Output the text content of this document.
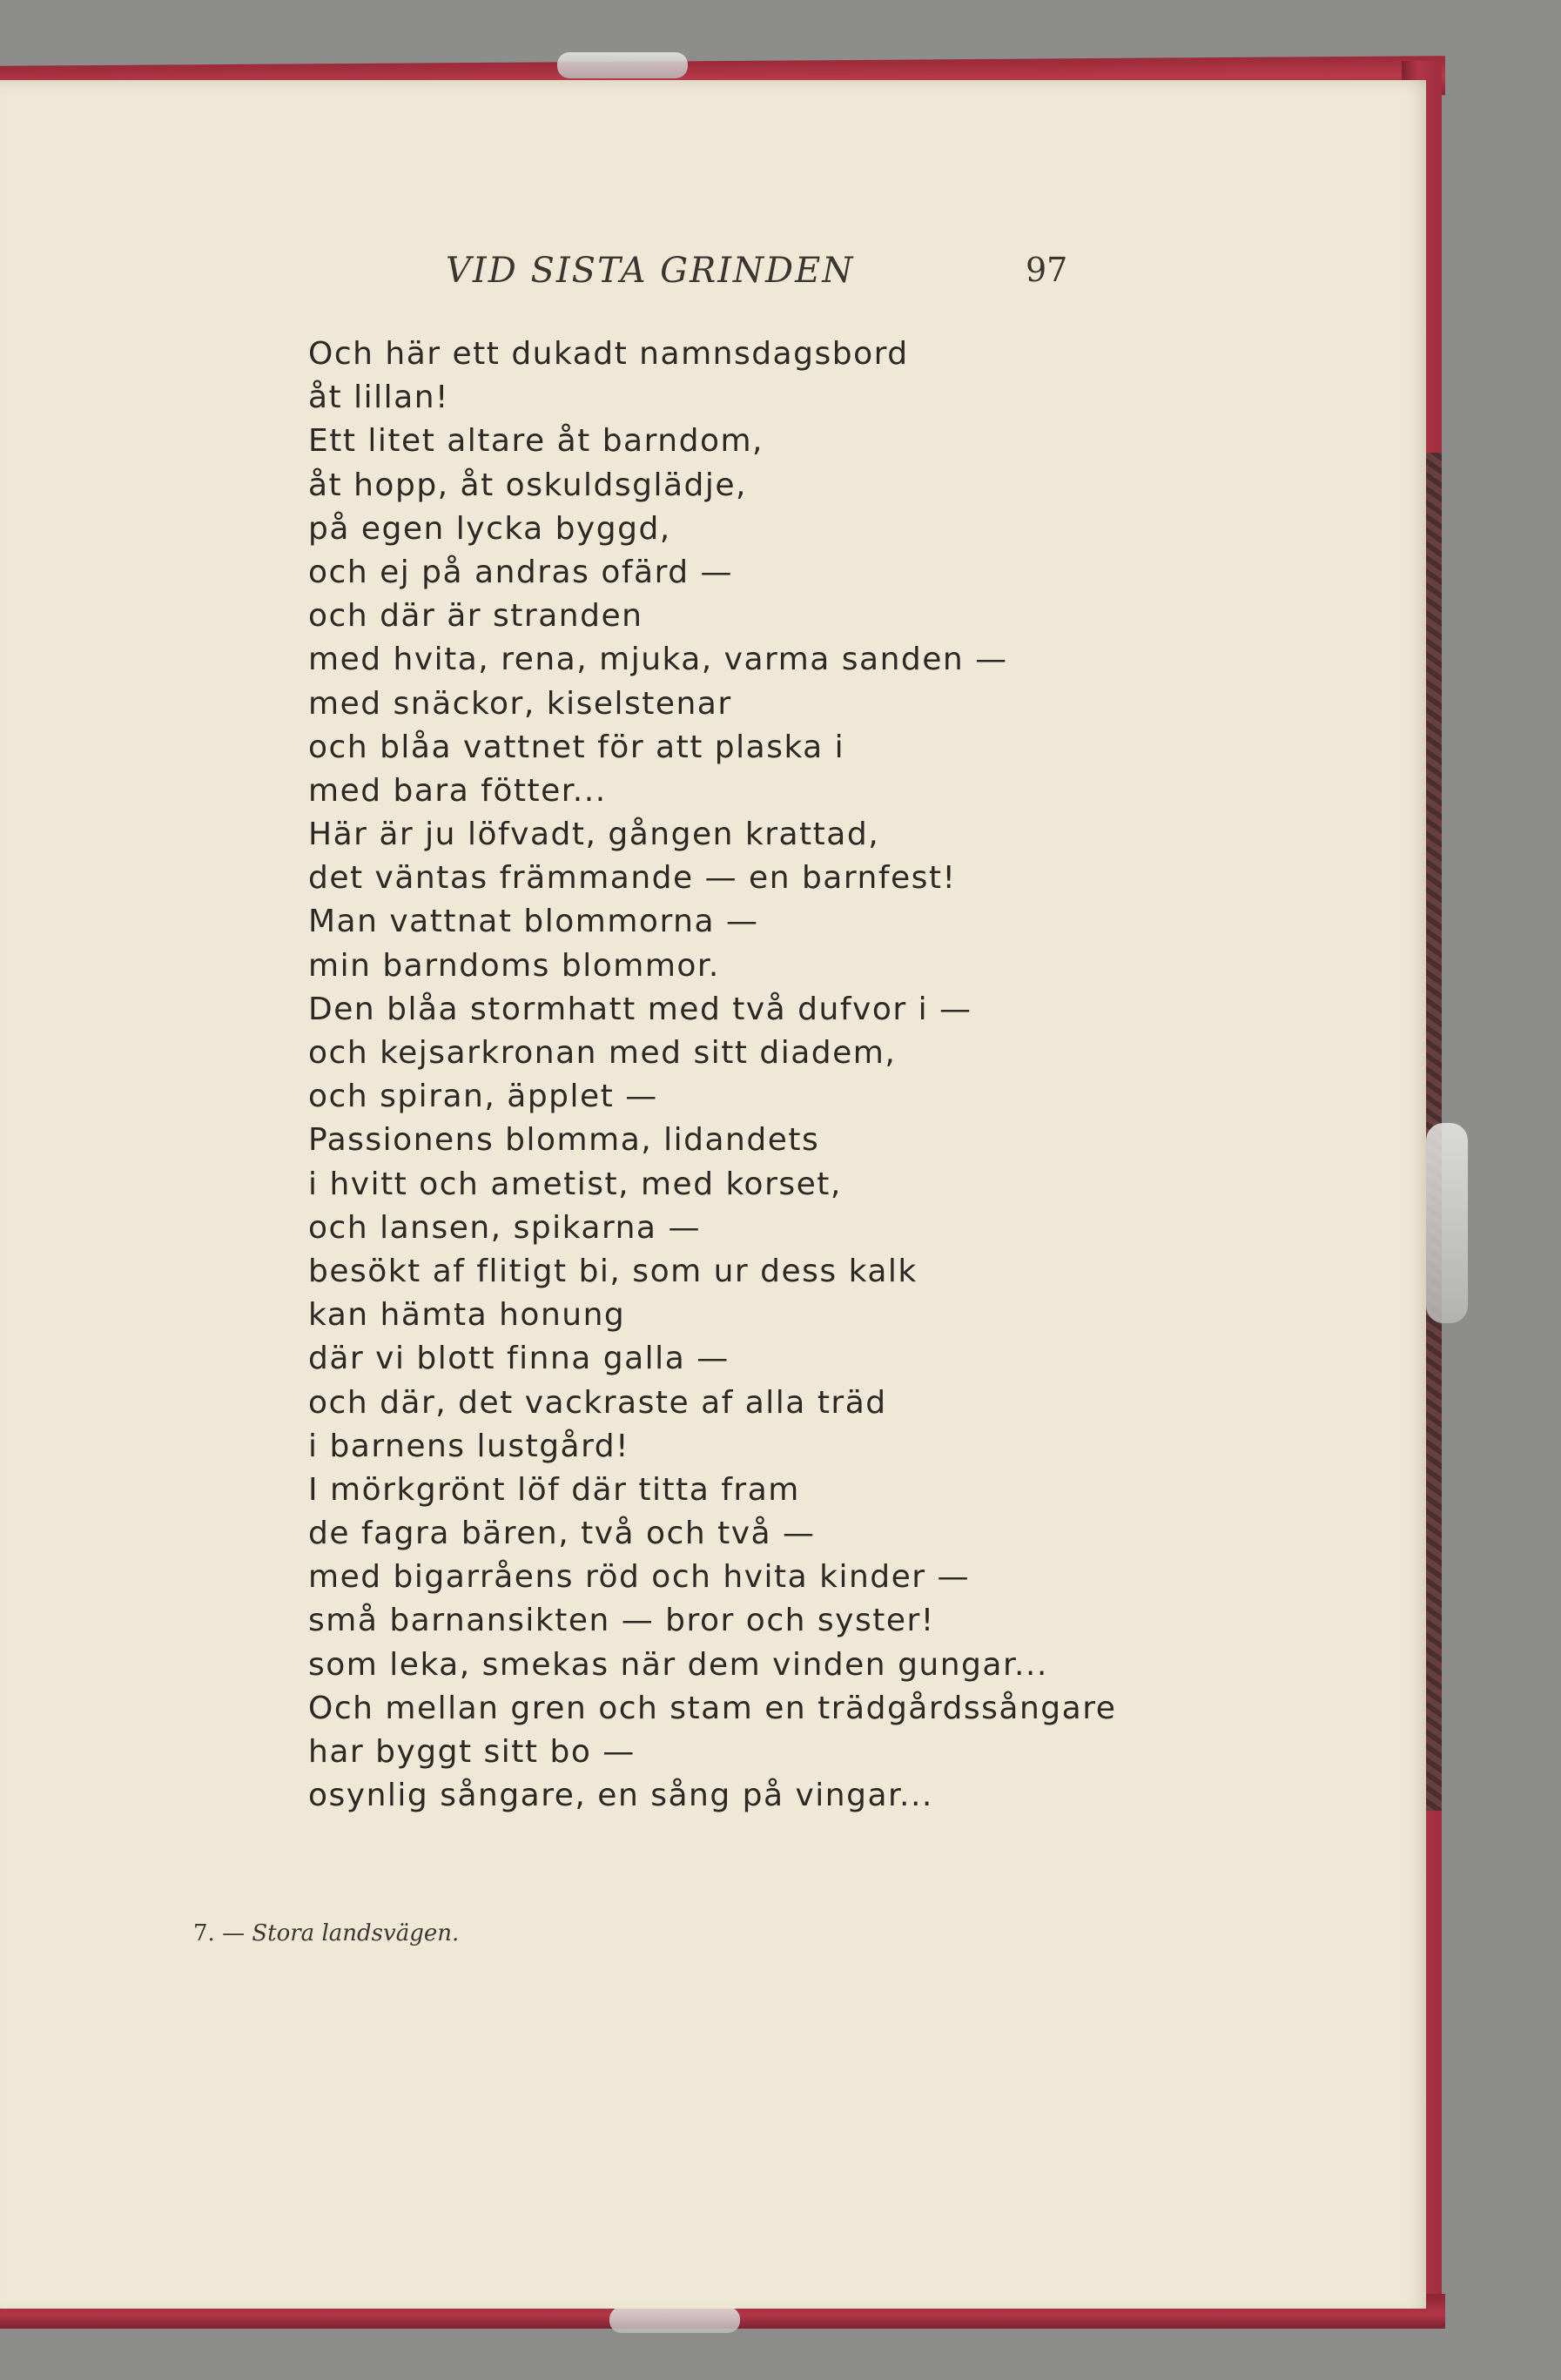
VID SISTA GRINDEN	97
Och här ett dukadt namnsdagsbord
åt lillan!
Ett litet altare åt barndom,
åt hopp, åt oskuldsglädje,
på egen lycka byggd,
och ej på andras ofärd —
och där är stranden
med hvita, rena, mjuka, varma sanden —
med snäckor, kiselstenar
och blåa vattnet för att plaska i
med bara fötter...
Här är ju löfvadt, gången krattad,
det väntas främmande — en barnfest!
Man vattnat blommorna —
min barndoms blommor.
Den blåa stormhatt med två dufvor i —
och kejsarkronan med sitt diadem,
och spiran, äpplet —
Passionens blomma, lidandets
i hvitt och ametist, med korset,
och lansen, spikarna —
besökt af flitigt bi, som ur dess kalk
kan hämta honung
där vi blott finna galla —
och där, det vackraste af alla träd
i barnens lustgård!
I mörkgrönt löf där titta fram
de fagra bären, två och två —
med bigarråens röd och hvita kinder —
små barnansikten — bror och syster!
som leka, smekas när dem vinden gungar...
Och mellan gren och stam en trädgårdssångare
har byggt sitt bo —
osynlig sångare, en sång på vingar...
7. — Stora landsvägen.
